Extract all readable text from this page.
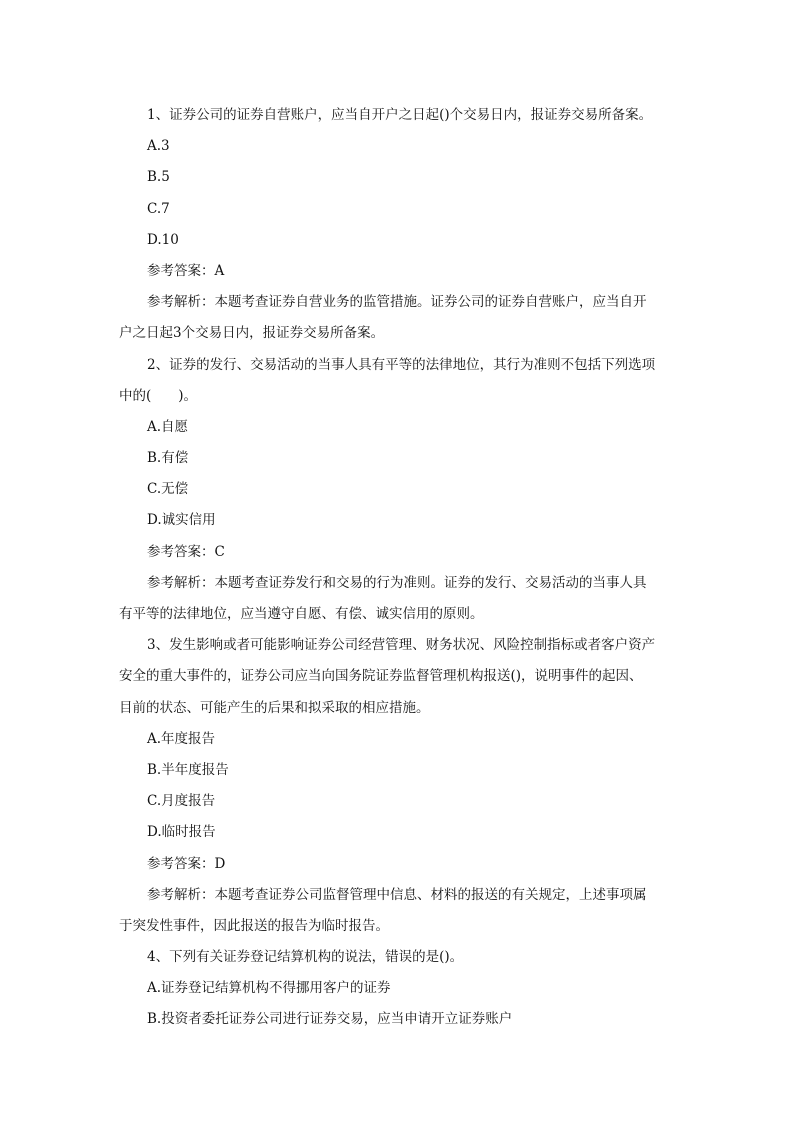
1、证券公司的证券自营账户，应当自开户之日起()个交易日内，报证券交易所备案。
A.3
B.5
C.7
D.10
参考答案：A
参考解析：本题考查证券自营业务的监管措施。证券公司的证券自营账户，应当自开
户之日起3个交易日内，报证券交易所备案。
2、证券的发行、交易活动的当事人具有平等的法律地位，其行为准则不包括下列选项
中的(　　)。
A.自愿
B.有偿
C.无偿
D.诚实信用
参考答案：C
参考解析：本题考查证券发行和交易的行为准则。证券的发行、交易活动的当事人具
有平等的法律地位，应当遵守自愿、有偿、诚实信用的原则。
3、发生影响或者可能影响证券公司经营管理、财务状况、风险控制指标或者客户资产
安全的重大事件的，证券公司应当向国务院证券监督管理机构报送()，说明事件的起因、
目前的状态、可能产生的后果和拟采取的相应措施。
A.年度报告
B.半年度报告
C.月度报告
D.临时报告
参考答案：D
参考解析：本题考查证券公司监督管理中信息、材料的报送的有关规定，上述事项属
于突发性事件，因此报送的报告为临时报告。
4、下列有关证券登记结算机构的说法，错误的是()。
A.证券登记结算机构不得挪用客户的证券
B.投资者委托证券公司进行证券交易，应当申请开立证券账户
